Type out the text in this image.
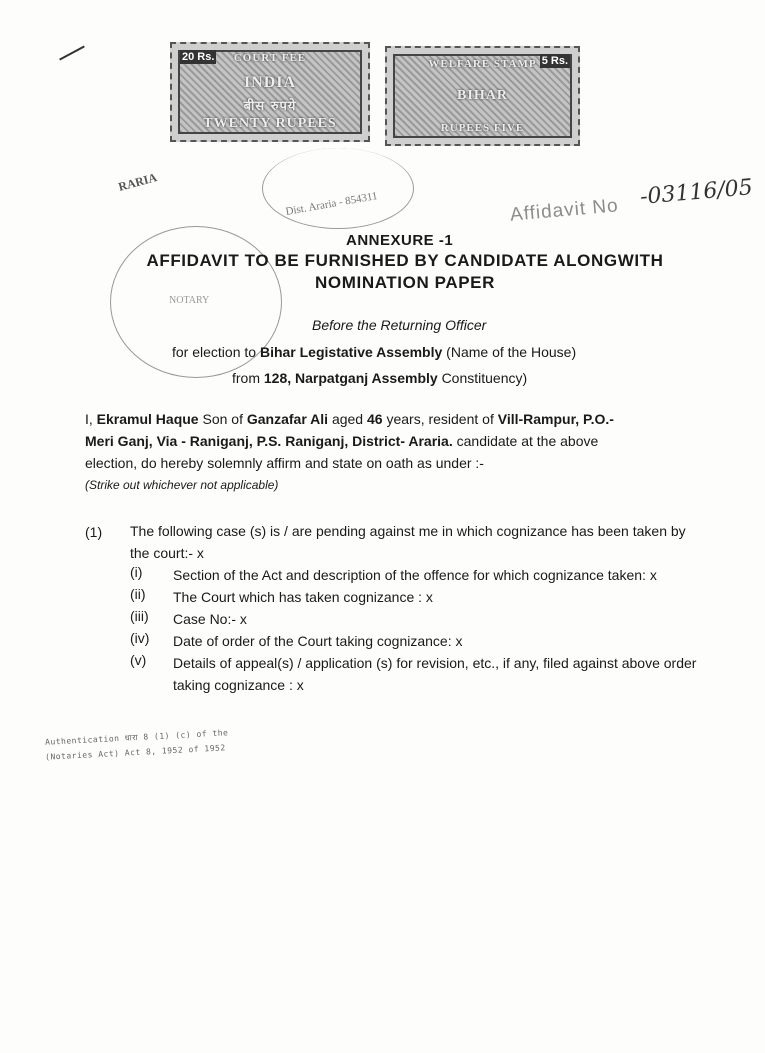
20 Rs.	COURT FEE
INDIA
बीस रुपये
TWENTY RUPEES
5 Rs.
WELFARE STAMP
BIHAR
RUPEES FIVE
RARIA
Dist. Araria - 854311
NOTARY
Affidavit No
-03116/05
ANNEXURE -1
AFFIDAVIT TO BE FURNISHED BY CANDIDATE ALONGWITH
NOMINATION PAPER
Before the Returning Officer
for election to Bihar Legistative Assembly (Name of the House)
from 128, Narpatganj Assembly Constituency)
I, Ekramul Haque Son of Ganzafar Ali aged 46 years, resident of Vill-Rampur, P.O.-
Meri Ganj, Via - Raniganj, P.S. Raniganj, District- Araria. candidate at the above
election, do hereby solemnly affirm and state on oath as under :-
(Strike out whichever not applicable)
(1) The following case (s) is / are pending against me in which cognizance has been taken by
the court:- x
(i) Section of the Act and description of the offence for which cognizance taken: x
(ii) The Court which has taken cognizance : x
(iii) Case No:- x
(iv) Date of order of the Court taking cognizance: x
(v) Details of appeal(s) / application (s) for revision, etc., if any, filed against above order
taking cognizance : x
Authentication धारा 8 (1) (c) of the
(Notaries Act) Act 8, 1952 of 1952
